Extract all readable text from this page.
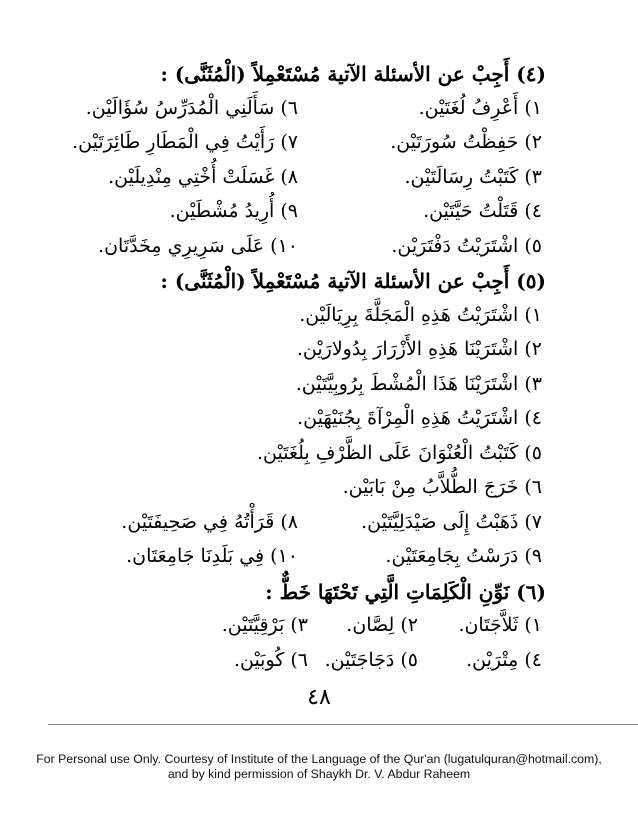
(٤) أَجِبْ عن الأسئلة الآتية مُسْتَعْمِلاً (الْمُثَنَّى) :
١) أَعْرِفُ لُغَتَيْن.
٦) سَأَلَنِي الْمُدَرِّسُ سُؤَالَيْن.
٢) حَفِظْتُ سُورَتَيْن.
٧) رَأَيْتُ فِي الْمَطَارِ طَائِرَتَيْن.
٣) كَتَبْتُ رِسَالَتَيْن.
٨) غَسَلَتْ أُخْتِي مِنْدِيلَيْن.
٤) قَتَلْتُ حَيَّتَيْن.
٩) أُرِيدُ مُشْطَيْن.
٥) اشْتَرَيْتُ دَفْتَرَيْن.
١٠) عَلَى سَرِيرِي مِخَدَّتَان.
(٥) أَجِبْ عن الأسئلة الآتية مُسْتَعْمِلاً (الْمُثَنَّى) :
١) اشْتَرَيْتُ هَذِهِ الْمَجَلَّةَ بِرِيَالَيْن.
٢) اشْتَرَيْنَا هَذِهِ الأَزْرَارَ بِدُولارَيْن.
٣) اشْتَرَيْنَا هَذَا الْمُشْطَ بِرُوبِيَّتَيْن.
٤) اشْتَرَيْتُ هَذِهِ الْمِرْآةَ بِجُنَيْهَيْن.
٥) كَتَبْتُ الْعُنْوَانَ عَلَى الظَّرْفِ بِلُغَتَيْن.
٦) خَرَجَ الطُّلاَّبُ مِنْ بَابَيْن.
٧) ذَهَبْتُ إِلَى صَيْدَلِيَّتَيْن.
٨) قَرَأْتُهُ فِي صَحِيفَتَيْن.
٩) دَرَسْتُ بِجَامِعَتَيْن.
١٠) فِي بَلَدِنَا جَامِعَتَان.
(٦) نَوِّنِ الْكَلِمَاتِ الَّتِي تَحْتَهَا خَطٌّ :
١) ثَلاَّجَتَان.
٢) لِصَّان.
٣) بَرْقِيَّتَيْن.
٤) مِتْرَيْن.
٥) دَجَاجَتَيْن.
٦) كُوبَيْن.
٤٨
For Personal use Only. Courtesy of Institute of the Language of the Qur'an (lugatulquran@hotmail.com),
and by kind permission of Shaykh Dr. V. Abdur Raheem
